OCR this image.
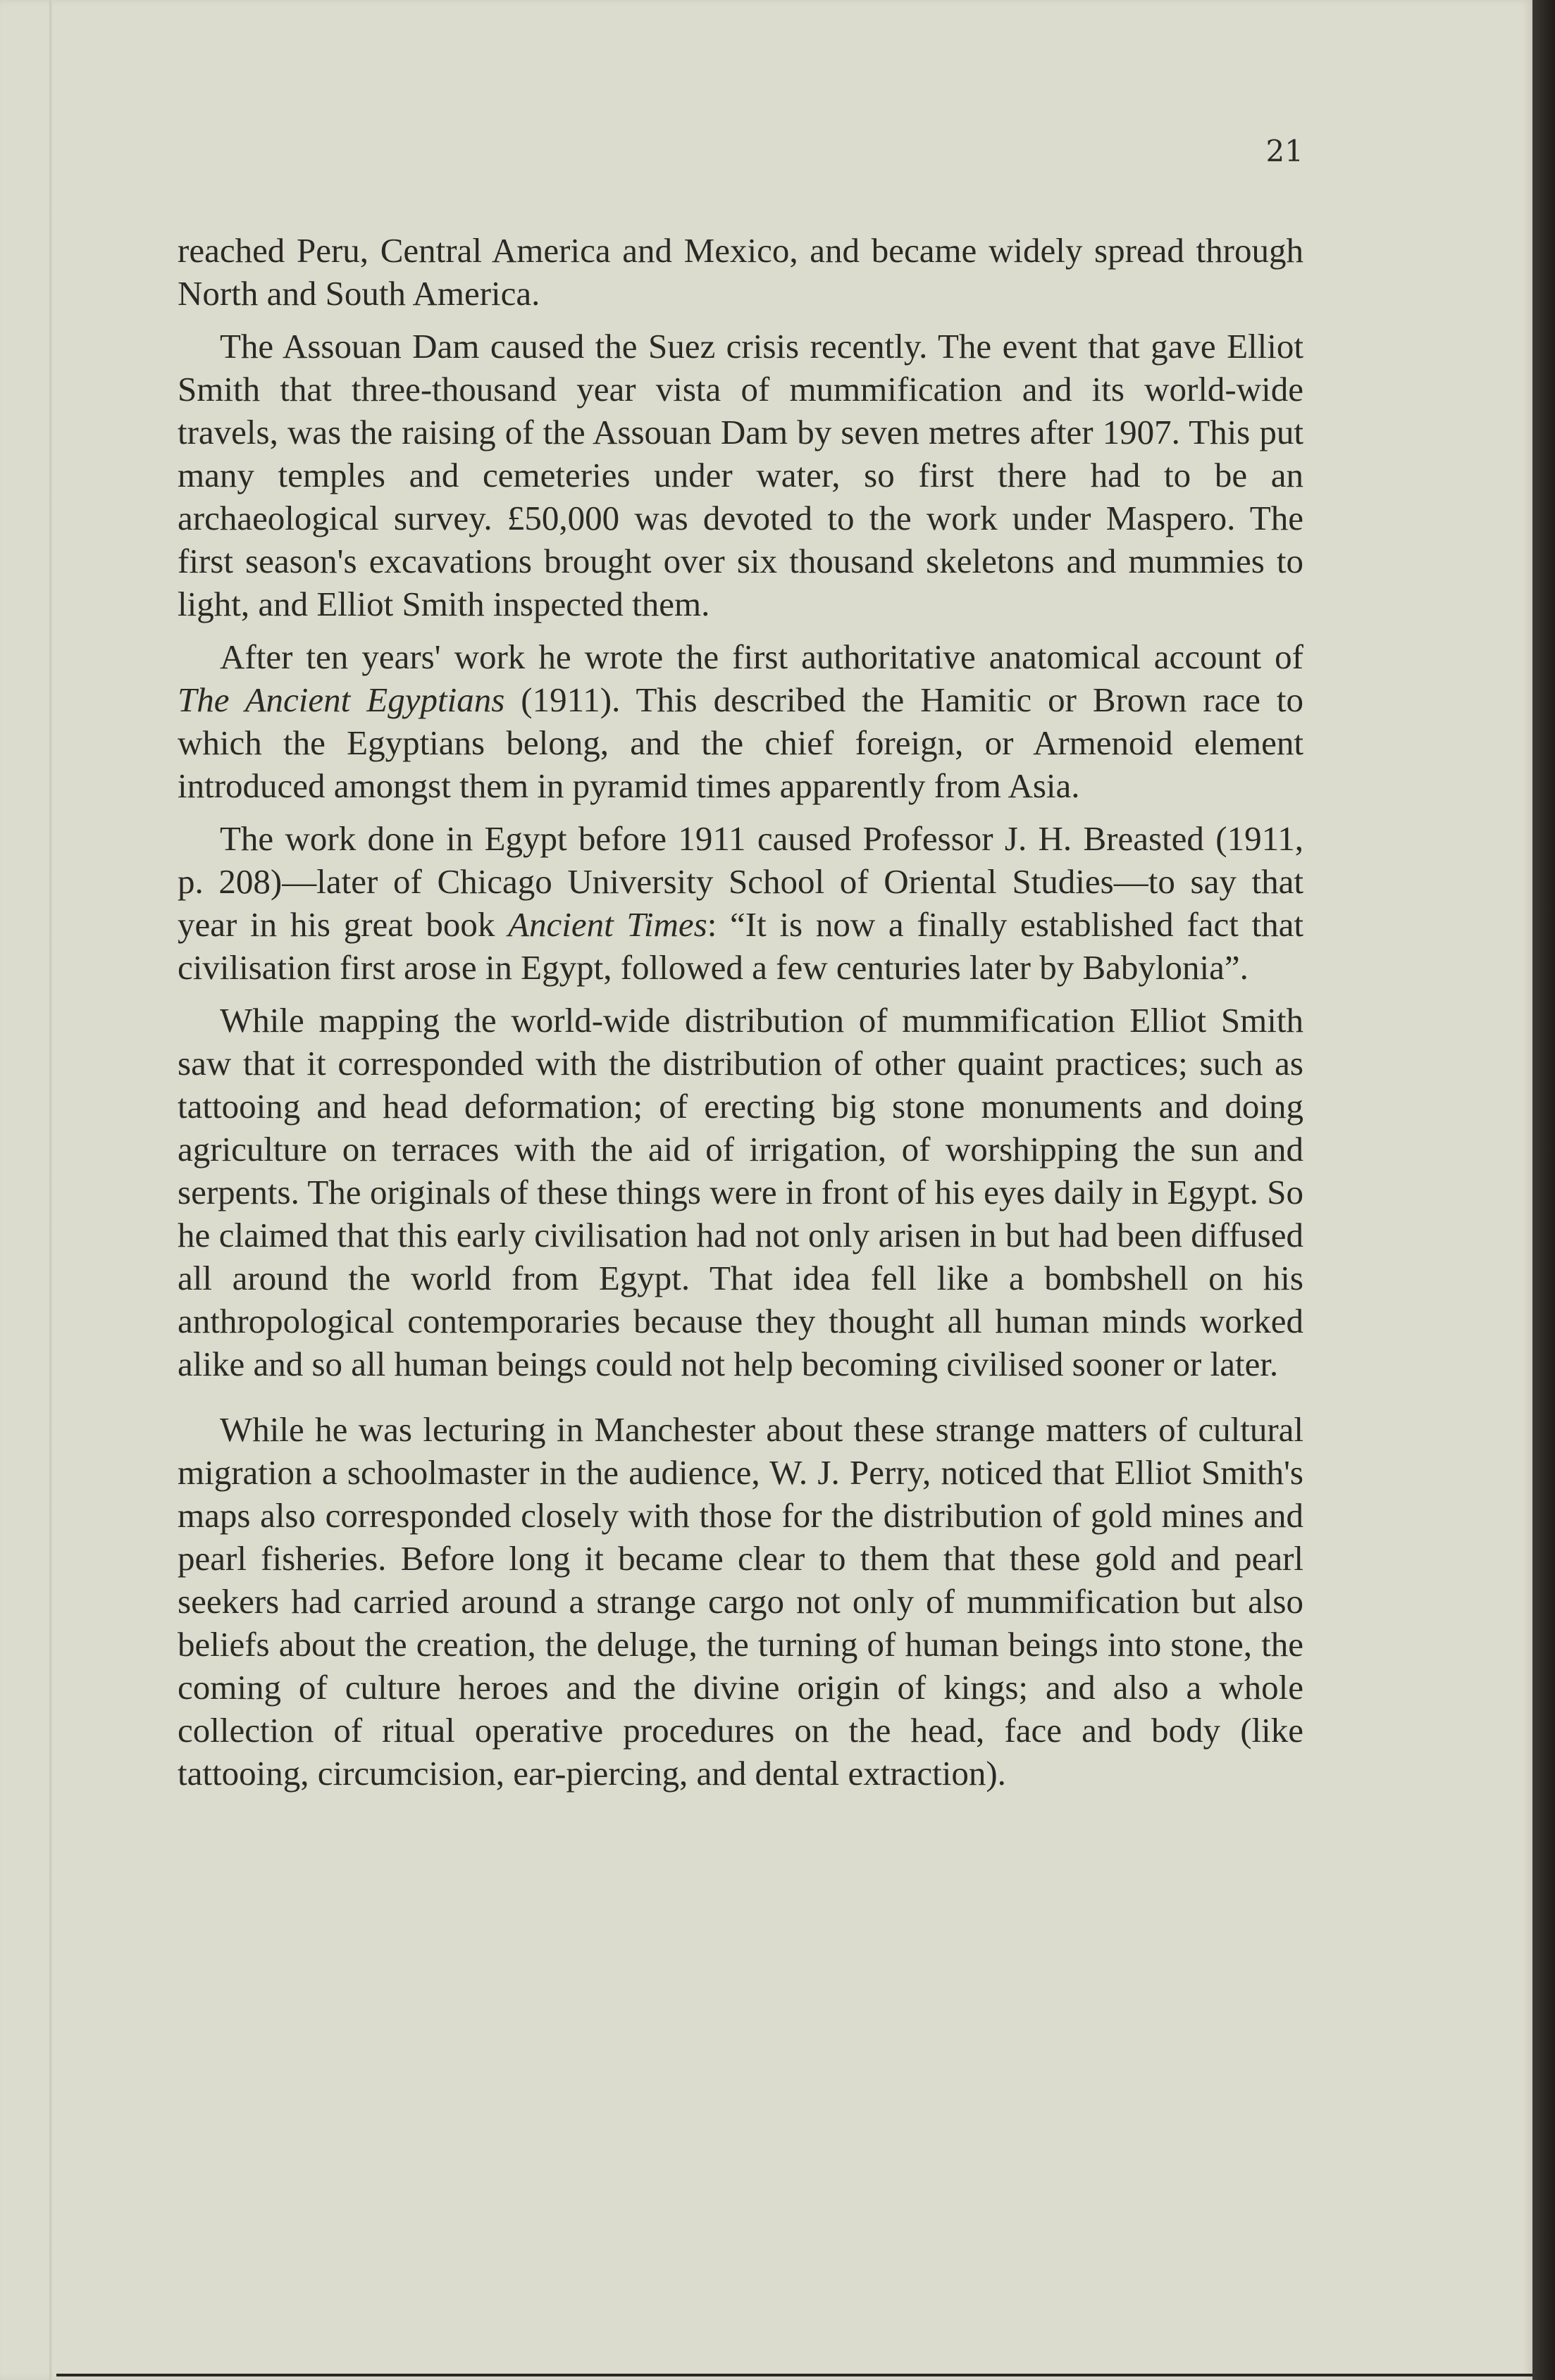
21

reached Peru, Central America and Mexico, and became widely spread through North and South America.

The Assouan Dam caused the Suez crisis recently. The event that gave Elliot Smith that three-thousand year vista of mummification and its world-wide travels, was the raising of the Assouan Dam by seven metres after 1907. This put many temples and cemeteries under water, so first there had to be an archaeological survey. £50,000 was devoted to the work under Maspero. The first season's excavations brought over six thousand skeletons and mummies to light, and Elliot Smith inspected them.

After ten years' work he wrote the first authoritative anatomical account of The Ancient Egyptians (1911). This described the Hamitic or Brown race to which the Egyptians belong, and the chief foreign, or Armenoid element introduced amongst them in pyramid times apparently from Asia.

The work done in Egypt before 1911 caused Professor J. H. Breasted (1911, p. 208)—later of Chicago University School of Oriental Studies—to say that year in his great book Ancient Times: “It is now a finally established fact that civilisation first arose in Egypt, followed a few centuries later by Babylonia”.

While mapping the world-wide distribution of mummification Elliot Smith saw that it corresponded with the distribution of other quaint practices; such as tattooing and head deformation; of erecting big stone monuments and doing agriculture on terraces with the aid of irrigation, of worshipping the sun and serpents. The originals of these things were in front of his eyes daily in Egypt. So he claimed that this early civilisation had not only arisen in but had been diffused all around the world from Egypt. That idea fell like a bombshell on his anthropological contemporaries because they thought all human minds worked alike and so all human beings could not help becoming civilised sooner or later.

While he was lecturing in Manchester about these strange matters of cultural migration a schoolmaster in the audience, W. J. Perry, noticed that Elliot Smith's maps also corresponded closely with those for the distribution of gold mines and pearl fisheries. Before long it became clear to them that these gold and pearl seekers had carried around a strange cargo not only of mummification but also beliefs about the creation, the deluge, the turning of human beings into stone, the coming of culture heroes and the divine origin of kings; and also a whole collection of ritual operative procedures on the head, face and body (like tattooing, circumcision, ear-piercing, and dental extraction).
